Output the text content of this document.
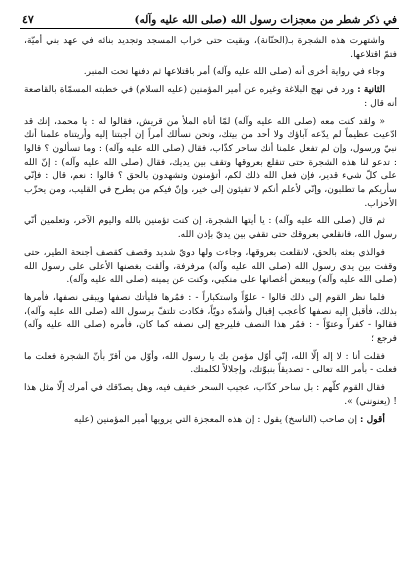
في ذكر شطر من معجزات رسول الله (صلى الله عليه وآله)
٤٧

واشتهرت هذه الشجرة بـ(الحنّانة)، وبقيت حتى خراب المسجد وتجديد بنائه في عهد بني أميّة، فتمّ اقتلاعها.

وجاء في رواية أخرى أنه (صلى الله عليه وآله) أمر باقتلاعها ثم دفنها تحت المنبر.

الثانية : ورد في نهج البلاغة وغيره عن أمير المؤمنين (عليه السلام) في خطبته المسمّاة بالقاصعة أنه قال :

« ولقد كنت معه (صلى الله عليه وآله) لمّا أتاه الملأ من قريش، فقالوا له : يا محمد، إنك قد ادّعيت عظيماً لم يدّعه آباؤك ولا أحد من بيتك، ونحن نسألك أمراً إن أجبتنا إليه وأريتناه علمنا أنك نبيّ ورسول، وإن لم تفعل علمنا أنك ساحر كذّاب، فقال (صلى الله عليه وآله) : وما تسألون ؟ قالوا : تدعو لنا هذه الشجرة حتى تنقلع بعروقها وتقف بين يديك، فقال (صلى الله عليه وآله) : إنّ الله على كلّ شيء قدير، فإن فعل الله ذلك لكم، أتؤمنون وتشهدون بالحق ؟ قالوا : نعم، قال : فإنّي سأريكم ما تطلبون، وإنّي لأعلم أنكم لا تفيئون إلى خير، وإنّ فيكم من يطرح في القليب، ومن يحزّب الأحزاب.

ثم قال (صلى الله عليه وآله) : يا أيتها الشجرة، إن كنت تؤمنين بالله واليوم الآخر، وتعلمين أنّي رسول الله، فانقلعي بعروقك حتى تقفي بين يديّ بإذن الله.

فوالذي بعثه بالحق، لانقلعت بعروقها، وجاءت ولها دويّ شديد وقصف كقصف أجنحة الطير، حتى وقفت بين يدي رسول الله (صلى الله عليه وآله) مرفرفة، وألقت بغصنها الأعلى على رسول الله (صلى الله عليه وآله) وببعض أغصانها على منكبي، وكنت عن يمينه (صلى الله عليه وآله).

فلما نظر القوم إلى ذلك قالوا - علوّاً واستكباراً - : فمُرها فليأتك نصفها ويبقى نصفها، فأمرها بذلك، فأقبل إليه نصفها كأعجب إقبال وأشدّه دويّاً، فكادت تلتفّ برسول الله (صلى الله عليه وآله)، فقالوا - كفراً وعتوّاً - : فمُر هذا النصف فليرجع إلى نصفه كما كان، فأمره (صلى الله عليه وآله) فرجع ؛

فقلت أنا : لا إله إلّا الله، إنّي أوّل مؤمن بك يا رسول الله، وأوّل من أقرّ بأنّ الشجرة فعلت ما فعلت - بأمر الله تعالى - تصديقاً بنبوّتك، وإجلالاً لكلمتك.

فقال القوم كلّهم : بل ساحر كذّاب، عجيب السحر خفيف فيه، وهل يصدّقك في أمرك إلّا مثل هذا ! (يعنونني) ».

أقول : إن صاحب (الناسخ) يقول : إن هذه المعجزة التي يرويها أمير المؤمنين (عليه
